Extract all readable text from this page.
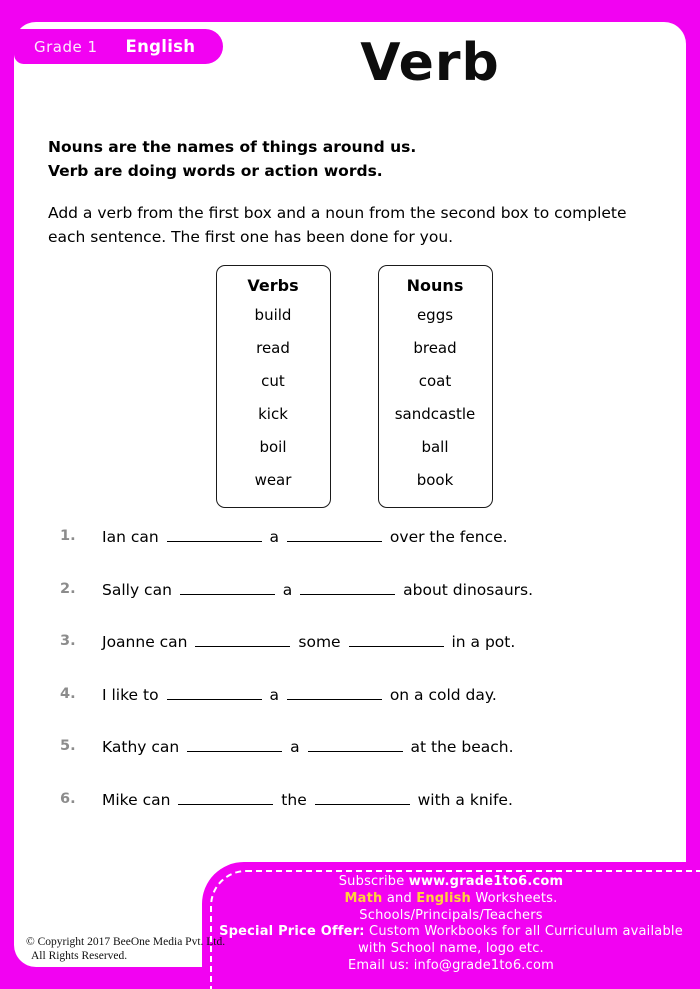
Grade 1 English	Verb
Nouns are the names of things around us.
Verb are doing words or action words.
Add a verb from the first box and a noun from the second box to complete each sentence. The first one has been done for you.
Verbs
build
read
cut
kick
boil
wear
Nouns
eggs
bread
coat
sandcastle
ball
book
1.	Ian can	a	over the fence.
2.	Sally can	a	about dinosaurs.
3.	Joanne can	some	in a pot.
4.	I like to	a	on a cold day.
5.	Kathy can	a	at the beach.
6.	Mike can	the	with a knife.
Subscribe www.grade1to6.com
Math and English Worksheets.
Schools/Principals/Teachers
Special Price Offer: Custom Workbooks for all Curriculum available
with School name, logo etc.
Email us: info@grade1to6.com
© Copyright 2017 BeeOne Media Pvt. Ltd.
All Rights Reserved.
